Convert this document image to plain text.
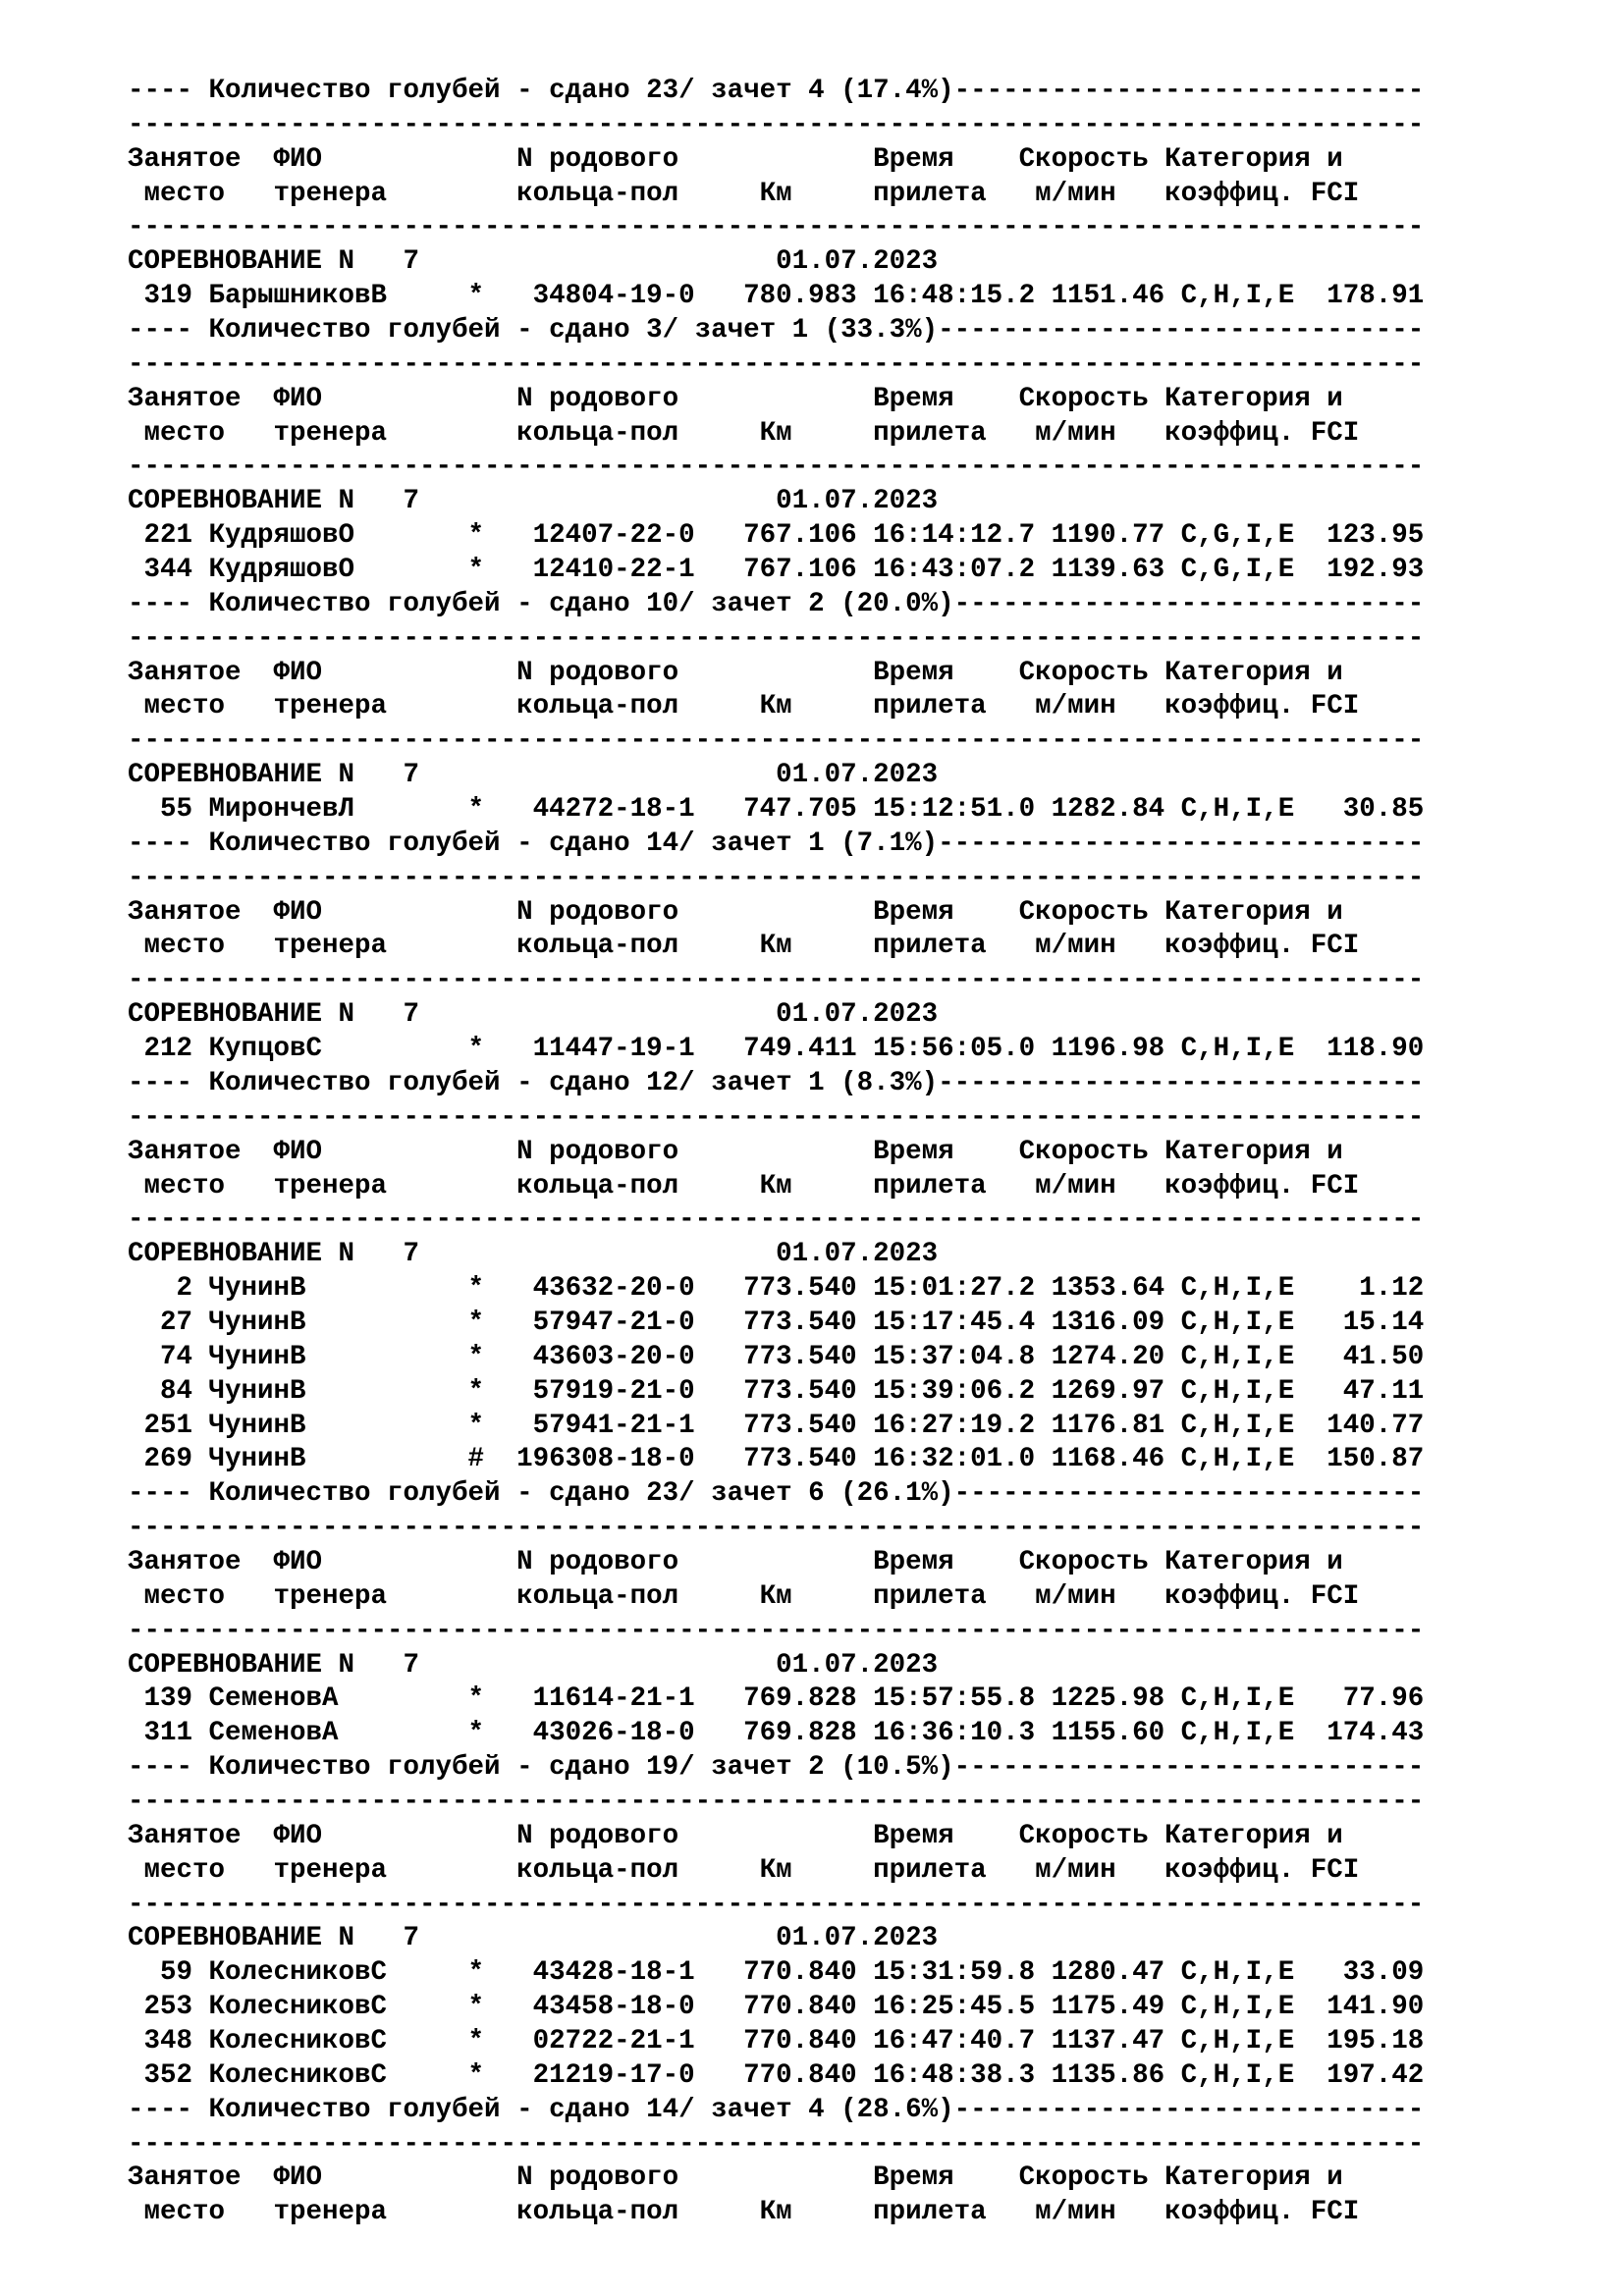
---- Количество голубей - сдано 23/ зачет 4 (17.4%)-----------------------------
--------------------------------------------------------------------------------
Занятое  ФИО            N родового            Время    Скорость Категория и
место   тренера        кольца-пол     Км     прилета   м/мин   коэффиц. FCI
--------------------------------------------------------------------------------
СОРЕВНОВАНИЕ N   7                      01.07.2023
319 БарышниковВ     *   34804-19-0   780.983 16:48:15.2 1151.46 C,H,I,E  178.91
---- Количество голубей - сдано 3/ зачет 1 (33.3%)------------------------------
--------------------------------------------------------------------------------
Занятое  ФИО            N родового            Время    Скорость Категория и
место   тренера        кольца-пол     Км     прилета   м/мин   коэффиц. FCI
--------------------------------------------------------------------------------
СОРЕВНОВАНИЕ N   7                      01.07.2023
221 КудряшовО       *   12407-22-0   767.106 16:14:12.7 1190.77 C,G,I,E  123.95
344 КудряшовО       *   12410-22-1   767.106 16:43:07.2 1139.63 C,G,I,E  192.93
---- Количество голубей - сдано 10/ зачет 2 (20.0%)-----------------------------
--------------------------------------------------------------------------------
Занятое  ФИО            N родового            Время    Скорость Категория и
место   тренера        кольца-пол     Км     прилета   м/мин   коэффиц. FCI
--------------------------------------------------------------------------------
СОРЕВНОВАНИЕ N   7                      01.07.2023
55 МирончевЛ       *   44272-18-1   747.705 15:12:51.0 1282.84 C,H,I,E   30.85
---- Количество голубей - сдано 14/ зачет 1 (7.1%)------------------------------
--------------------------------------------------------------------------------
Занятое  ФИО            N родового            Время    Скорость Категория и
место   тренера        кольца-пол     Км     прилета   м/мин   коэффиц. FCI
--------------------------------------------------------------------------------
СОРЕВНОВАНИЕ N   7                      01.07.2023
212 КупцовС         *   11447-19-1   749.411 15:56:05.0 1196.98 C,H,I,E  118.90
---- Количество голубей - сдано 12/ зачет 1 (8.3%)------------------------------
--------------------------------------------------------------------------------
Занятое  ФИО            N родового            Время    Скорость Категория и
место   тренера        кольца-пол     Км     прилета   м/мин   коэффиц. FCI
--------------------------------------------------------------------------------
СОРЕВНОВАНИЕ N   7                      01.07.2023
2 ЧунинВ          *   43632-20-0   773.540 15:01:27.2 1353.64 C,H,I,E    1.12
27 ЧунинВ          *   57947-21-0   773.540 15:17:45.4 1316.09 C,H,I,E   15.14
74 ЧунинВ          *   43603-20-0   773.540 15:37:04.8 1274.20 C,H,I,E   41.50
84 ЧунинВ          *   57919-21-0   773.540 15:39:06.2 1269.97 C,H,I,E   47.11
251 ЧунинВ          *   57941-21-1   773.540 16:27:19.2 1176.81 C,H,I,E  140.77
269 ЧунинВ          #  196308-18-0   773.540 16:32:01.0 1168.46 C,H,I,E  150.87
---- Количество голубей - сдано 23/ зачет 6 (26.1%)-----------------------------
--------------------------------------------------------------------------------
Занятое  ФИО            N родового            Время    Скорость Категория и
место   тренера        кольца-пол     Км     прилета   м/мин   коэффиц. FCI
--------------------------------------------------------------------------------
СОРЕВНОВАНИЕ N   7                      01.07.2023
139 СеменовА        *   11614-21-1   769.828 15:57:55.8 1225.98 C,H,I,E   77.96
311 СеменовА        *   43026-18-0   769.828 16:36:10.3 1155.60 C,H,I,E  174.43
---- Количество голубей - сдано 19/ зачет 2 (10.5%)-----------------------------
--------------------------------------------------------------------------------
Занятое  ФИО            N родового            Время    Скорость Категория и
место   тренера        кольца-пол     Км     прилета   м/мин   коэффиц. FCI
--------------------------------------------------------------------------------
СОРЕВНОВАНИЕ N   7                      01.07.2023
59 КолесниковС     *   43428-18-1   770.840 15:31:59.8 1280.47 C,H,I,E   33.09
253 КолесниковС     *   43458-18-0   770.840 16:25:45.5 1175.49 C,H,I,E  141.90
348 КолесниковС     *   02722-21-1   770.840 16:47:40.7 1137.47 C,H,I,E  195.18
352 КолесниковС     *   21219-17-0   770.840 16:48:38.3 1135.86 C,H,I,E  197.42
---- Количество голубей - сдано 14/ зачет 4 (28.6%)-----------------------------
--------------------------------------------------------------------------------
Занятое  ФИО            N родового            Время    Скорость Категория и
место   тренера        кольца-пол     Км     прилета   м/мин   коэффиц. FCI
